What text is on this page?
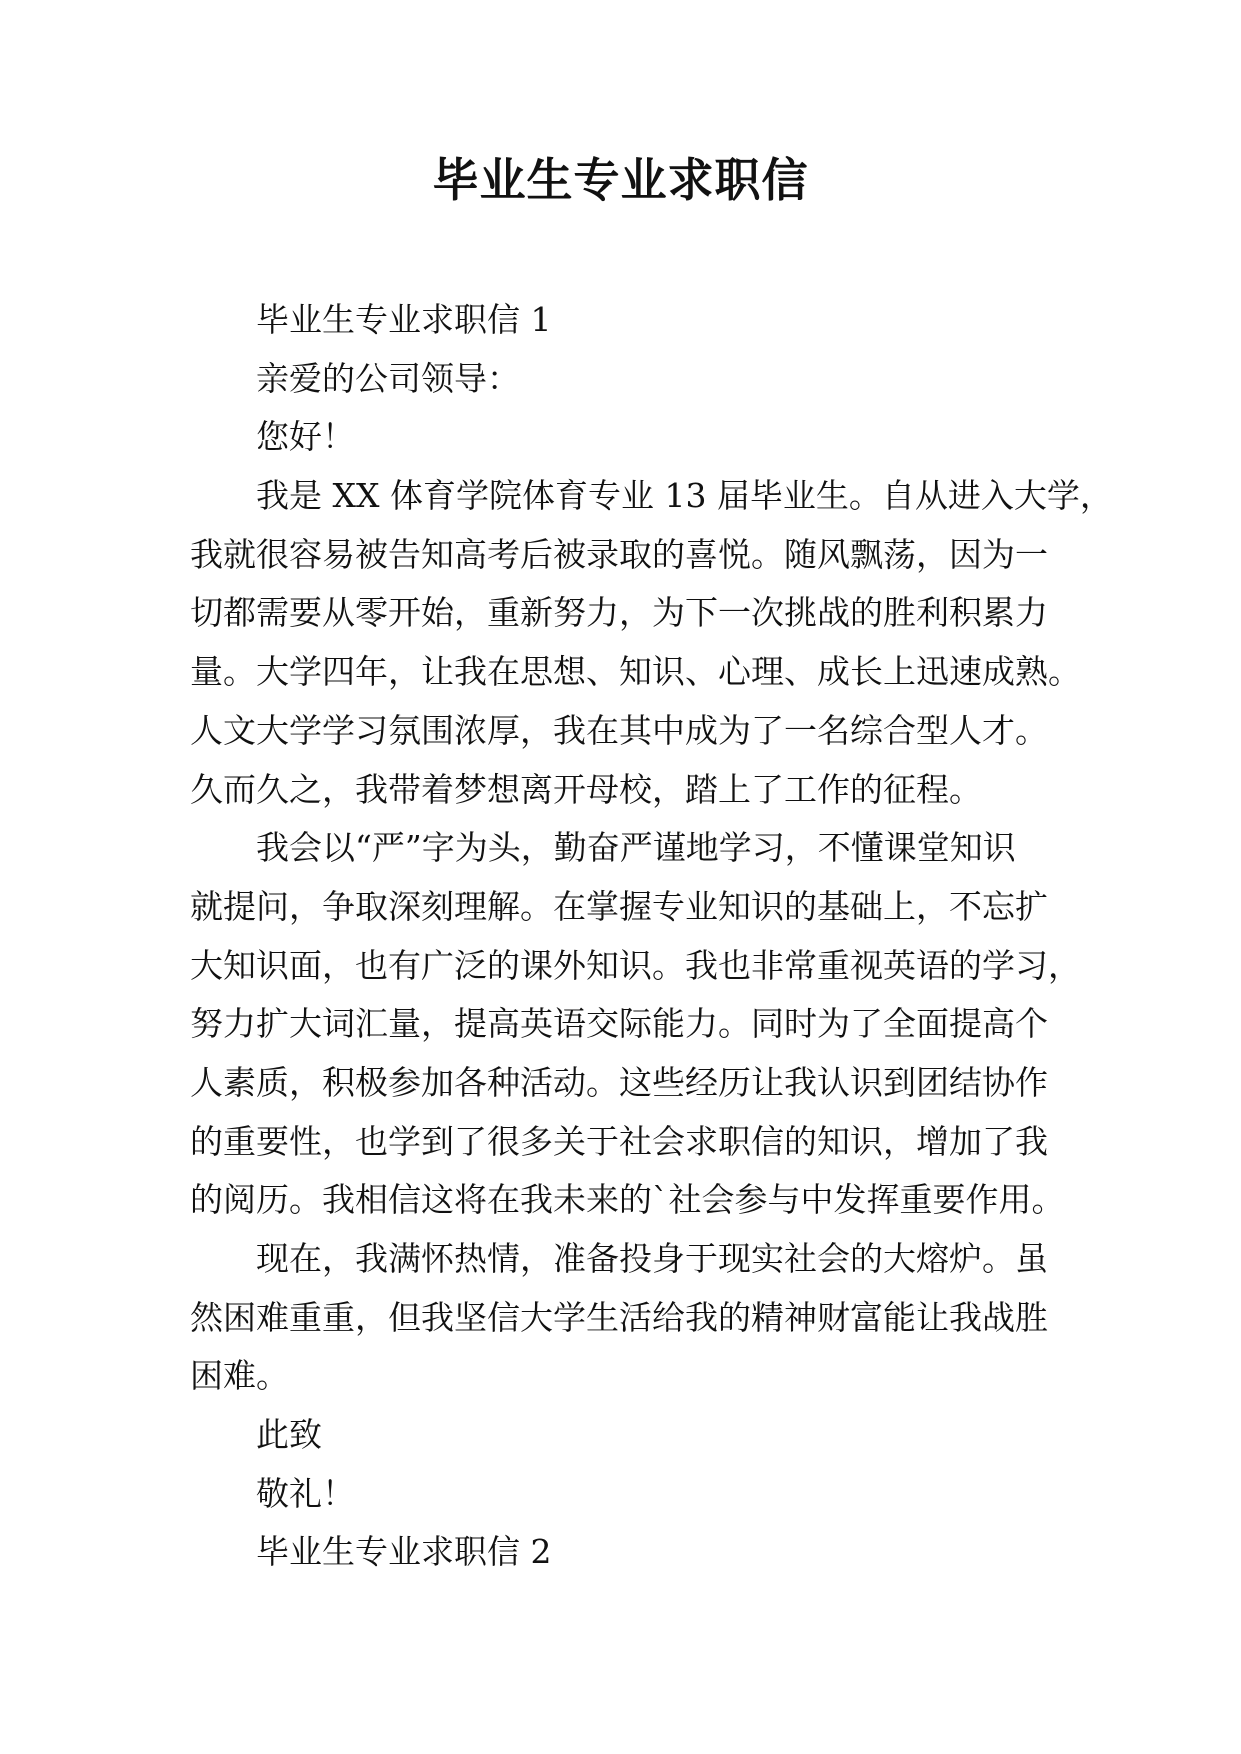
毕业生专业求职信
毕业生专业求职信 1
亲爱的公司领导：
您好！
我是 XX 体育学院体育专业 13 届毕业生。自从进入大学，
我就很容易被告知高考后被录取的喜悦。随风飘荡，因为一
切都需要从零开始，重新努力，为下一次挑战的胜利积累力
量。大学四年，让我在思想、知识、心理、成长上迅速成熟。
人文大学学习氛围浓厚，我在其中成为了一名综合型人才。
久而久之，我带着梦想离开母校，踏上了工作的征程。
我会以“严”字为头，勤奋严谨地学习，不懂课堂知识
就提问，争取深刻理解。在掌握专业知识的基础上，不忘扩
大知识面，也有广泛的课外知识。我也非常重视英语的学习，
努力扩大词汇量，提高英语交际能力。同时为了全面提高个
人素质，积极参加各种活动。这些经历让我认识到团结协作
的重要性，也学到了很多关于社会求职信的知识，增加了我
的阅历。我相信这将在我未来的`社会参与中发挥重要作用。
现在，我满怀热情，准备投身于现实社会的大熔炉。虽
然困难重重，但我坚信大学生活给我的精神财富能让我战胜
困难。
此致
敬礼！
毕业生专业求职信 2
